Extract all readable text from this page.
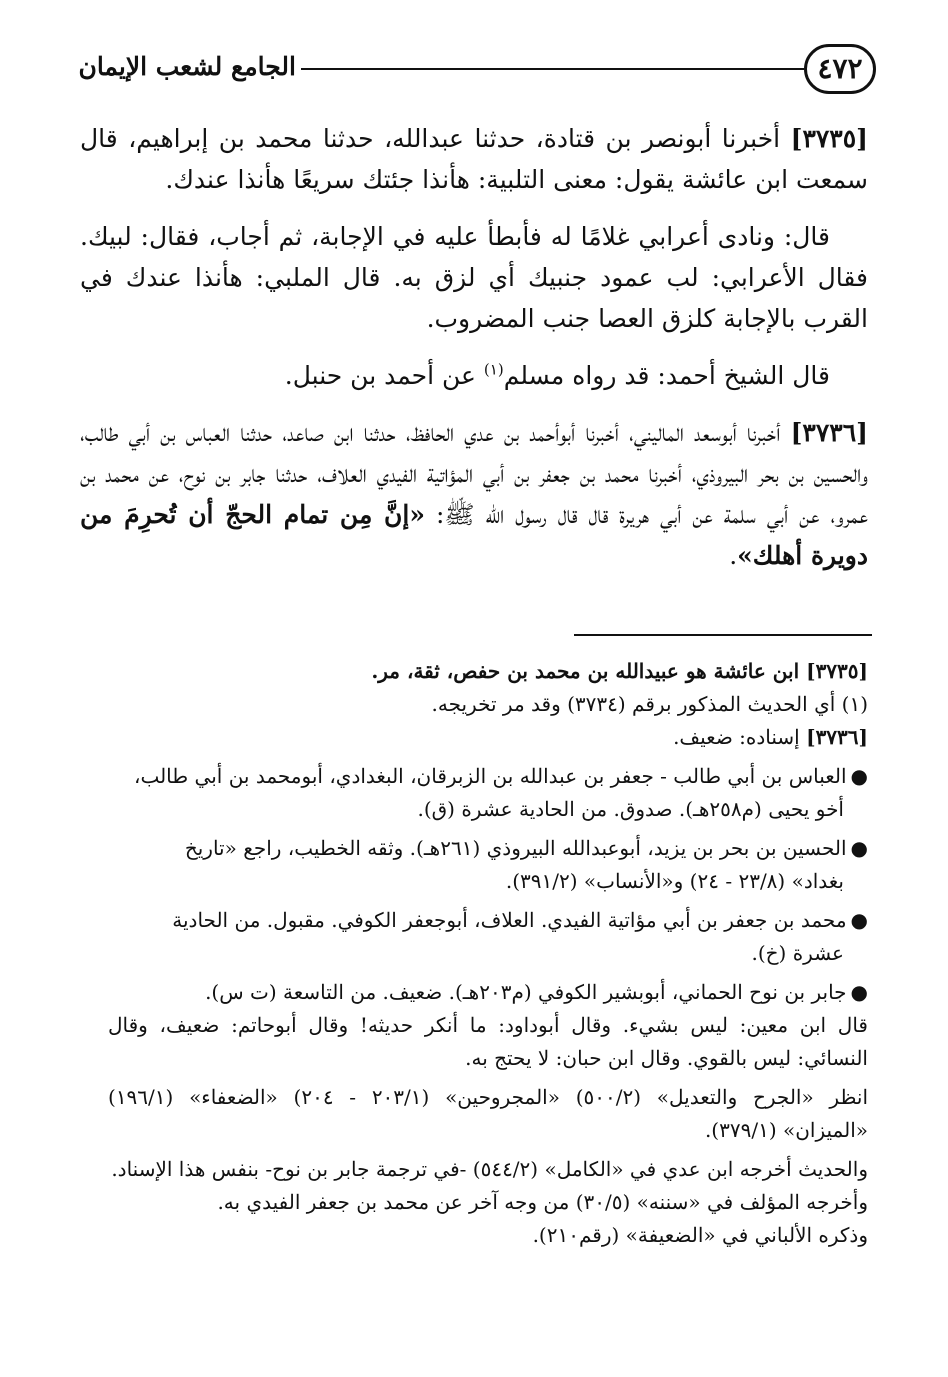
٤٧٢
الجامع لشعب الإيمان

[٣٧٣٥] أخبرنا أبونصر بن قتادة، حدثنا عبدالله، حدثنا محمد بن إبراهيم، قال سمعت ابن عائشة يقول: معنى التلبية: هأنذا جئتك سريعًا هأنذا عندك.

قال: ونادى أعرابي غلامًا له فأبطأ عليه في الإجابة، ثم أجاب، فقال: لبيك. فقال الأعرابي: لب عمود جنبيك أي لزق به. قال الملبي: هأنذا عندك في القرب بالإجابة كلزق العصا جنب المضروب.

قال الشيخ أحمد: قد رواه مسلم$^{(١)}$ عن أحمد بن حنبل.

[٣٧٣٦] أخبرنا أبوسعد الماليني، أخبرنا أبوأحمد بن عدي الحافظ، حدثنا ابن صاعد، حدثنا العباس بن أبي طالب، والحسين بن بحر البيروذي، أخبرنا محمد بن جعفر بن أبي المؤاتية الفيدي العلاف، حدثنا جابر بن نوح، عن محمد بن عمرو، عن أبي سلمة عن أبي هريرة قال قال رسول الله ﷺ: «إنَّ مِن تمام الحجّ أن تُحرِمَ من دويرة أهلك».

[٣٧٣٥] ابن عائشة هو عبيدالله بن محمد بن حفص، ثقة، مر.

(١) أي الحديث المذكور برقم (٣٧٣٤) وقد مر تخريجه.

[٣٧٣٦] إسناده: ضعيف.

●العباس بن أبي طالب - جعفر بن عبدالله بن الزبرقان، البغدادي، أبومحمد بن أبي طالب،
أخو يحيى (م٢٥٨هـ). صدوق. من الحادية عشرة (ق).

●الحسين بن بحر بن يزيد، أبوعبدالله البيروذي (٢٦١هـ). وثقه الخطيب، راجع «تاريخ
بغداد» (٢٣/٨ - ٢٤) و«الأنساب» (٣٩١/٢).

●محمد بن جعفر بن أبي مؤاتية الفيدي. العلاف، أبوجعفر الكوفي. مقبول. من الحادية
عشرة (خ).

●جابر بن نوح الحماني، أبوبشير الكوفي (م٢٠٣هـ). ضعيف. من التاسعة (ت س).

قال ابن معين: ليس بشيء. وقال أبوداود: ما أنكر حديثه! وقال أبوحاتم: ضعيف، وقال النسائي: ليس بالقوي. وقال ابن حبان: لا يحتج به.

انظر «الجرح والتعديل» (٥٠٠/٢) «المجروحين» (٢٠٣/١ - ٢٠٤) «الضعفاء» (١٩٦/١) «الميزان» (٣٧٩/١).

والحديث أخرجه ابن عدي في «الكامل» (٥٤٤/٢) -في ترجمة جابر بن نوح- بنفس هذا الإسناد.

وأخرجه المؤلف في «سننه» (٣٠/٥) من وجه آخر عن محمد بن جعفر الفيدي به.

وذكره الألباني في «الضعيفة» (رقم٢١٠).
